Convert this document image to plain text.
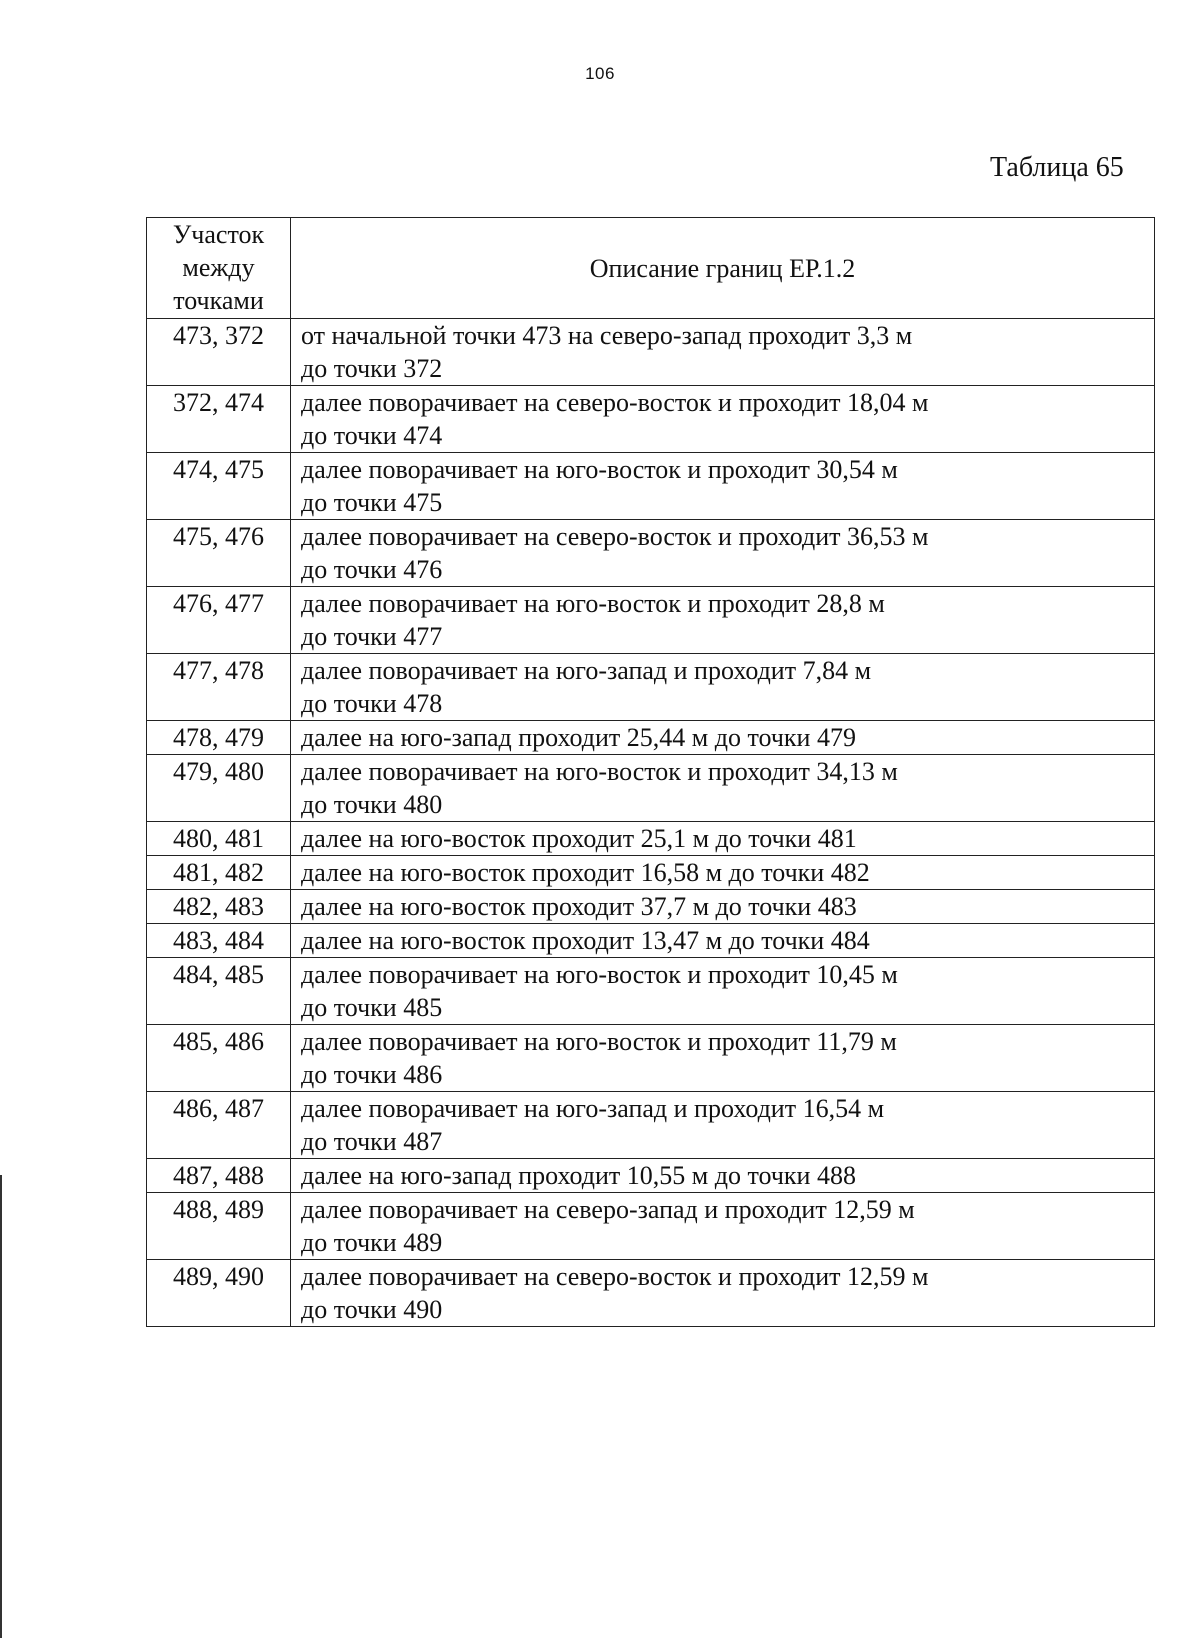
106
Таблица 65
Участок
между
точками	Описание границ ЕР.1.2
473, 372	от начальной точки 473 на северо-запад проходит 3,3 м
до точки 372

372, 474	далее поворачивает на северо-восток и проходит 18,04 м
до точки 474

474, 475	далее поворачивает на юго-восток и проходит 30,54 м
до точки 475

475, 476	далее поворачивает на северо-восток и проходит 36,53 м
до точки 476

476, 477	далее поворачивает на юго-восток и проходит 28,8 м
до точки 477

477, 478	далее поворачивает на юго-запад и проходит 7,84 м
до точки 478

478, 479	далее на юго-запад проходит 25,44 м до точки 479

479, 480	далее поворачивает на юго-восток и проходит 34,13 м
до точки 480

480, 481	далее на юго-восток проходит 25,1 м до точки 481

481, 482	далее на юго-восток проходит 16,58 м до точки 482

482, 483	далее на юго-восток проходит 37,7 м до точки 483

483, 484	далее на юго-восток проходит 13,47 м до точки 484

484, 485	далее поворачивает на юго-восток и проходит 10,45 м
до точки 485

485, 486	далее поворачивает на юго-восток и проходит 11,79 м
до точки 486

486, 487	далее поворачивает на юго-запад и проходит 16,54 м
до точки 487

487, 488	далее на юго-запад проходит 10,55 м до точки 488

488, 489	далее поворачивает на северо-запад и проходит 12,59 м
до точки 489

489, 490	далее поворачивает на северо-восток и проходит 12,59 м
до точки 490
